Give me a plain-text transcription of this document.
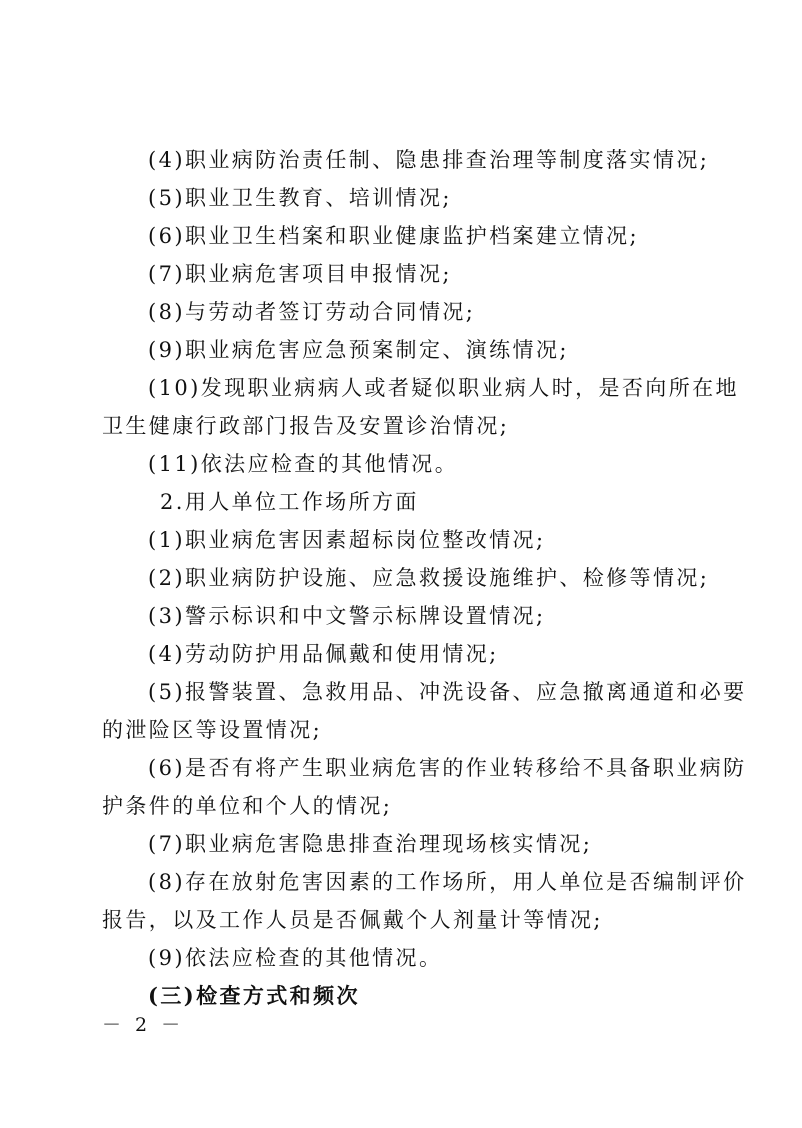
(4)职业病防治责任制、隐患排查治理等制度落实情况;
(5)职业卫生教育、培训情况;
(6)职业卫生档案和职业健康监护档案建立情况;
(7)职业病危害项目申报情况;
(8)与劳动者签订劳动合同情况;
(9)职业病危害应急预案制定、演练情况;
(10)发现职业病病人或者疑似职业病人时，是否向所在地
卫生健康行政部门报告及安置诊治情况;
(11)依法应检查的其他情况。
2.用人单位工作场所方面
(1)职业病危害因素超标岗位整改情况;
(2)职业病防护设施、应急救援设施维护、检修等情况;
(3)警示标识和中文警示标牌设置情况;
(4)劳动防护用品佩戴和使用情况;
(5)报警装置、急救用品、冲洗设备、应急撤离通道和必要
的泄险区等设置情况;
(6)是否有将产生职业病危害的作业转移给不具备职业病防
护条件的单位和个人的情况;
(7)职业病危害隐患排查治理现场核实情况;
(8)存在放射危害因素的工作场所，用人单位是否编制评价
报告，以及工作人员是否佩戴个人剂量计等情况;
(9)依法应检查的其他情况。
(三)检查方式和频次
－ 2 －
